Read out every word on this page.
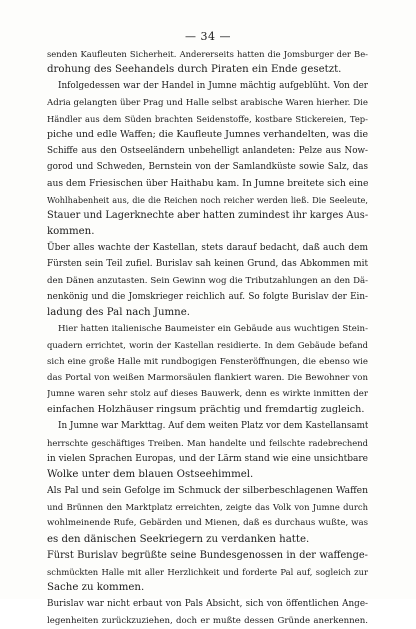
— 34 —
senden Kaufleuten Sicherheit. Andererseits hatten die Jomsburger der Be-
drohung des Seehandels durch Piraten ein Ende gesetzt.
Infolgedessen war der Handel in Jumne mächtig aufgeblüht. Von der
Adria gelangten über Prag und Halle selbst arabische Waren hierher. Die
Händler aus dem Süden brachten Seidenstoffe, kostbare Stickereien, Tep-
piche und edle Waffen; die Kaufleute Jumnes verhandelten, was die
Schiffe aus den Ostseeländern unbehelligt anlandeten: Pelze aus Now-
gorod und Schweden, Bernstein von der Samlandküste sowie Salz, das
aus dem Friesischen über Haithabu kam. In Jumne breitete sich eine
Wohlhabenheit aus, die die Reichen noch reicher werden ließ. Die Seeleute,
Stauer und Lagerknechte aber hatten zumindest ihr karges Aus-
kommen.
Über alles wachte der Kastellan, stets darauf bedacht, daß auch dem
Fürsten sein Teil zufiel. Burislav sah keinen Grund, das Abkommen mit
den Dänen anzutasten. Sein Gewinn wog die Tributzahlungen an den Dä-
nenkönig und die Jomskrieger reichlich auf. So folgte Burislav der Ein-
ladung des Pal nach Jumne.
Hier hatten italienische Baumeister ein Gebäude aus wuchtigen Stein-
quadern errichtet, worin der Kastellan residierte. In dem Gebäude befand
sich eine große Halle mit rundbogigen Fensteröffnungen, die ebenso wie
das Portal von weißen Marmorsäulen flankiert waren. Die Bewohner von
Jumne waren sehr stolz auf dieses Bauwerk, denn es wirkte inmitten der
einfachen Holzhäuser ringsum prächtig und fremdartig zugleich.
In Jumne war Markttag. Auf dem weiten Platz vor dem Kastellansamt
herrschte geschäftiges Treiben. Man handelte und feilschte radebrechend
in vielen Sprachen Europas, und der Lärm stand wie eine unsichtbare
Wolke unter dem blauen Ostseehimmel.
Als Pal und sein Gefolge im Schmuck der silberbeschlagenen Waffen
und Brünnen den Marktplatz erreichten, zeigte das Volk von Jumne durch
wohlmeinende Rufe, Gebärden und Mienen, daß es durchaus wußte, was
es den dänischen Seekriegern zu verdanken hatte.
Fürst Burislav begrüßte seine Bundesgenossen in der waffenge-
schmückten Halle mit aller Herzlichkeit und forderte Pal auf, sogleich zur
Sache zu kommen.
Burislav war nicht erbaut von Pals Absicht, sich von öffentlichen Ange-
legenheiten zurückzuziehen, doch er mußte dessen Gründe anerkennen.
